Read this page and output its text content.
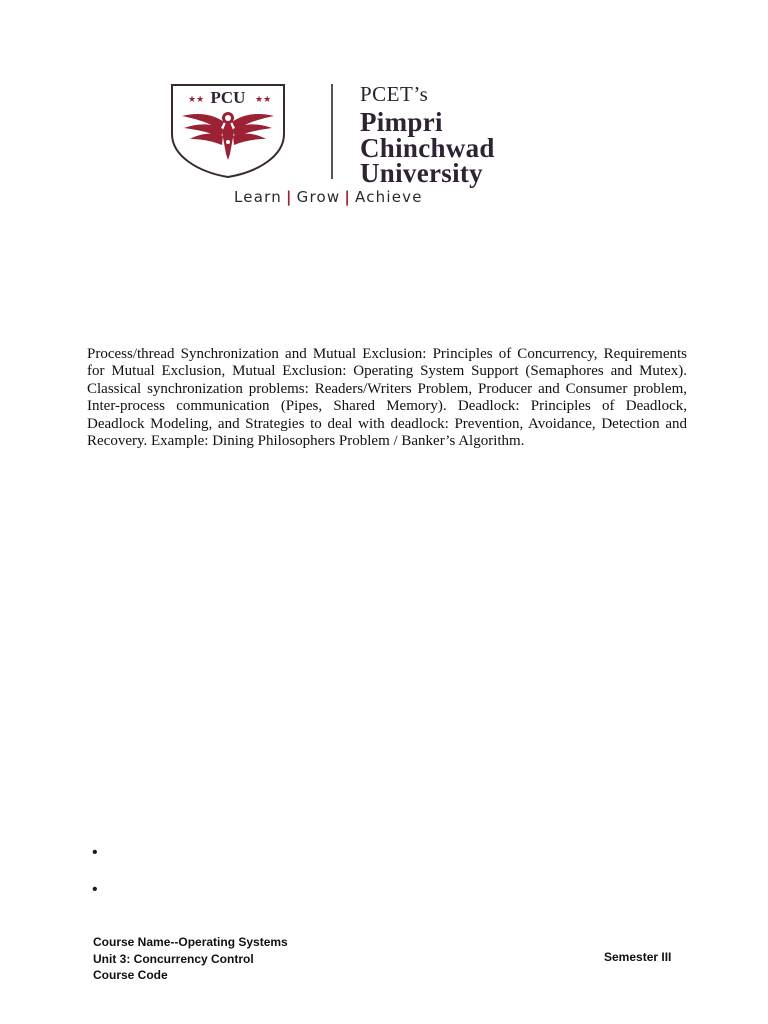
★★	★★
PCU	PCET’s
Pimpri
Chinchwad
University
Learn | Grow | Achieve
Process/thread Synchronization and Mutual Exclusion: Principles of Concurrency, Requirements for Mutual Exclusion, Mutual Exclusion: Operating System Support (Semaphores and Mutex). Classical synchronization problems: Readers/Writers Problem, Producer and Consumer problem, Inter-process communication (Pipes, Shared Memory). Deadlock: Principles of Deadlock, Deadlock Modeling, and Strategies to deal with deadlock: Prevention, Avoidance, Detection and Recovery. Example: Dining Philosophers Problem / Banker’s Algorithm.
•
•
Course Name--Operating Systems
Unit 3: Concurrency Control
Course Code
Semester III
